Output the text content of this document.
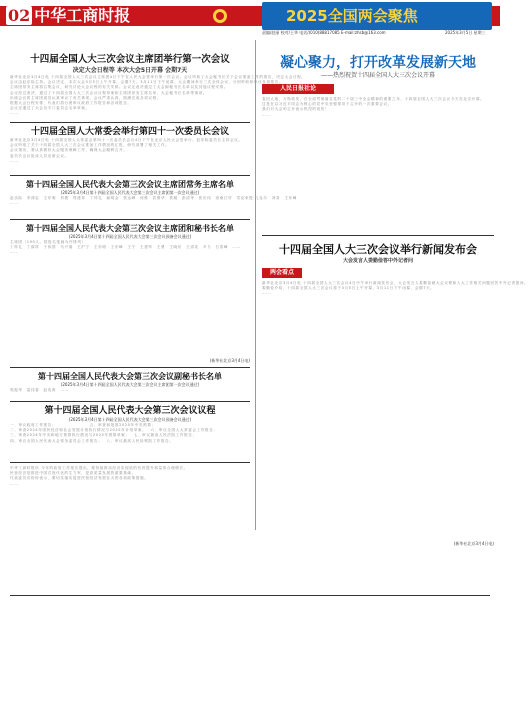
02 中华工商时报	2025全国两会聚焦
责编/赵丽 校对/王华 电话/(010)88817085 E-mail:zhsb@163.com	2025年3月5日 星期三
十四届全国人大三次会议主席团举行第一次会议
决定大会日程等 本次大会5日开幕 会期7天
新华社北京3月4日电 十四届全国人大三次会议主席团4日下午在人民大会堂举行第一次会议。会议听取了大会秘书长关于会议准备工作的报告，决定大会日程。
会议由赵乐际主持。会议决定，本次大会3月5日上午开幕，会期7天，3月11日下午闭幕。大会期间举行三次全体会议，分别听取和审议各项报告。
主席团常务主席将召集会议，研究讨论大会议程的有关安排。会议还表决通过了大会副秘书长名单以及其他议程安排。
会议经过表决，通过了十四届全国人大三次会议议程草案和主席团常务主席名单，大会秘书长名单等事项。
出席会议的主席团成员认真审议了有关事项，会议严肃认真，圆满完成各项议程。
根据大会日程安排，代表们将分团审议政府工作报告和各项报告。
会议还通过了大会各专门委员会名单草案。
……
十四届全国人大常委会举行第四十一次委员长会议
新华社北京3月4日电 十四届全国人大常委会第四十一次委员长会议4日下午在北京人民大会堂举行。赵乐际委员长主持会议。
会议听取了关于十四届全国人大三次会议准备工作情况的汇报，研究部署了相关工作。
会议指出，要认真做好大会服务保障工作，确保大会顺利召开。
委员长会议组成人员出席会议。
……
第十四届全国人民代表大会第三次会议主席团常务主席名单
(2025年3月4日第十四届全国人民代表大会第三次会议主席团第一次会议通过)
赵乐际　李鸿忠　王东明　肖捷　郑建邦　丁仲礼　郝明金　蔡达峰　何维　武维华　铁凝　彭清华　张庆伟　洛桑江村　雪克来提·扎克尔　刘奇　王东峰
……
第十四届全国人民代表大会第三次会议主席团和秘书长名单
(2025年3月4日第十四届全国人民代表大会第三次会议预备会议通过)
主席团（190人，按姓名笔画为序排列）
丁仲礼　丁薛祥　于伟国　马兴瑞　王沪宁　王东明　王东峰　王宁　王建军　王勇　王晓东　王清宪　尹力　石泰峰　……
……
(新华社北京3月4日电)
第十四届全国人民代表大会第三次会议副秘书长名单
(2025年3月4日第十四届全国人民代表大会第三次会议主席团第一次会议通过)
郭振华　雷伟春　赵宪庚　……
第十四届全国人民代表大会第三次会议议程
(2025年3月4日第十四届全国人民代表大会第三次会议预备会议通过)
一、审议政府工作报告；　　　　　　　　五、审查和批准2025年中央预算；
二、审查2024年国民经济和社会发展计划执行情况与2025年计划草案；　六、审议全国人大常委会工作报告；
三、审查2024年中央和地方预算执行情况与2025年预算草案；　七、审议最高人民法院工作报告；
四、审议全国人民代表大会常务委员会工作报告；　八、审议最高人民检察院工作报告。
中华工商时报讯 今年的政府工作报告提出，要持续推动经济实现质的有效提升和量的合理增长。
民营经济是推进中国式现代化的生力军，是高质量发展的重要基础。
代表委员们纷纷表示，要切实落实促进民营经济发展壮大的各项政策措施。
……
凝心聚力，打开改革发展新天地
——热烈祝贺十四届全国人大三次会议开幕
人民日报社论
春回大地，万物勃发。在全面贯彻落实党的二十届三中全会精神的重要之年，十四届全国人大三次会议今天在北京开幕。
这是在以习近平同志为核心的党中央坚强领导下召开的一次重要会议。
我们对大会的召开表示热烈的祝贺！
……
十四届全国人大三次会议举行新闻发布会
大会发言人娄勤俭答中外记者问
两会看点
新华社北京3月4日电 十四届全国人大三次会议4日中午举行新闻发布会，大会发言人娄勤俭就大会议程和人大工作相关问题回答中外记者提问。
娄勤俭介绍，十四届全国人大三次会议将于3月5日上午开幕，3月11日下午闭幕，会期7天。
……
(新华社北京3月4日电)
